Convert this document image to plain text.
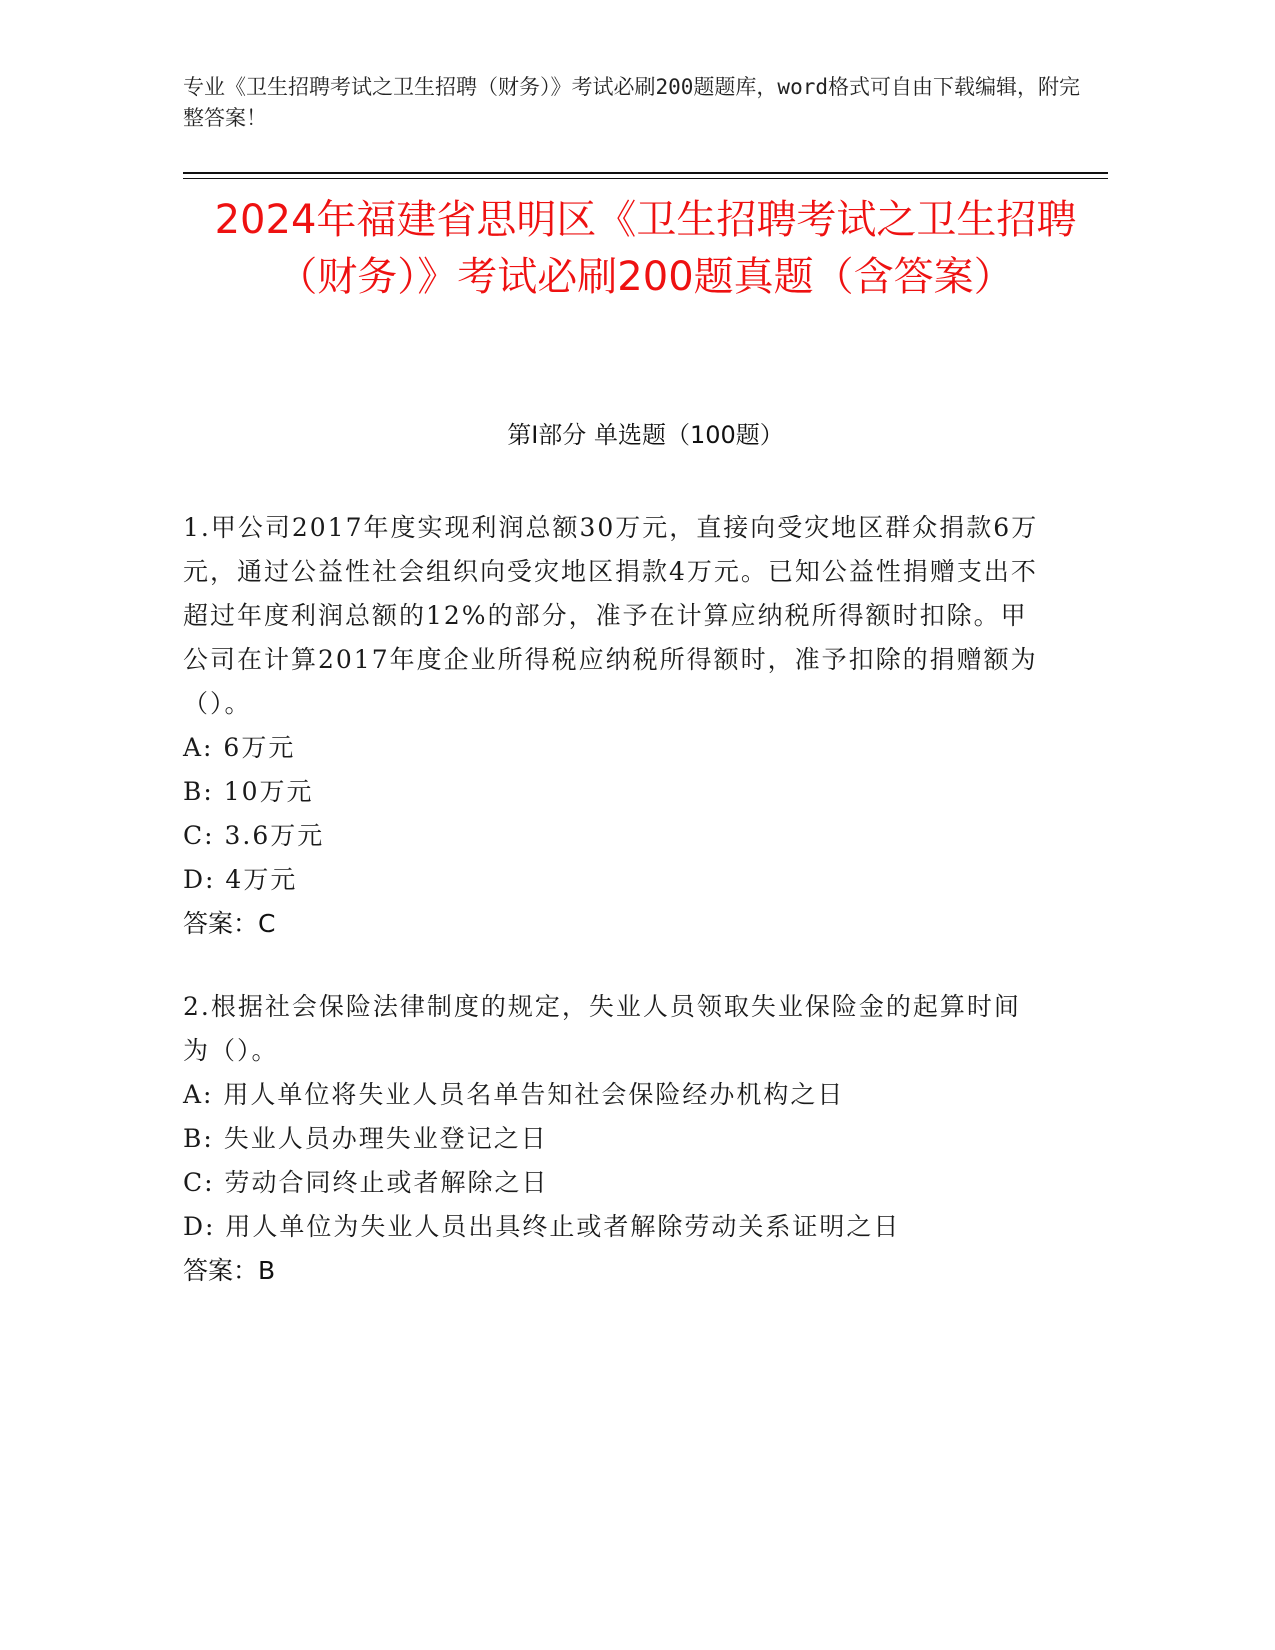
专业《卫生招聘考试之卫生招聘（财务）》考试必刷200题题库，word格式可自由下载编辑，附完整答案！
2024年福建省思明区《卫生招聘考试之卫生招聘（财务）》考试必刷200题真题（含答案）
第Ⅰ部分 单选题（100题）

1.甲公司2017年度实现利润总额30万元，直接向受灾地区群众捐款6万元，通过公益性社会组织向受灾地区捐款4万元。已知公益性捐赠支出不超过年度利润总额的12%的部分，准予在计算应纳税所得额时扣除。甲公司在计算2017年度企业所得税应纳税所得额时，准予扣除的捐赠额为（）。

A: 6万元

B: 10万元

C: 3.6万元

D: 4万元

答案：C

2.根据社会保险法律制度的规定，失业人员领取失业保险金的起算时间为（）。

A: 用人单位将失业人员名单告知社会保险经办机构之日

B: 失业人员办理失业登记之日

C: 劳动合同终止或者解除之日

D: 用人单位为失业人员出具终止或者解除劳动关系证明之日

答案：B
